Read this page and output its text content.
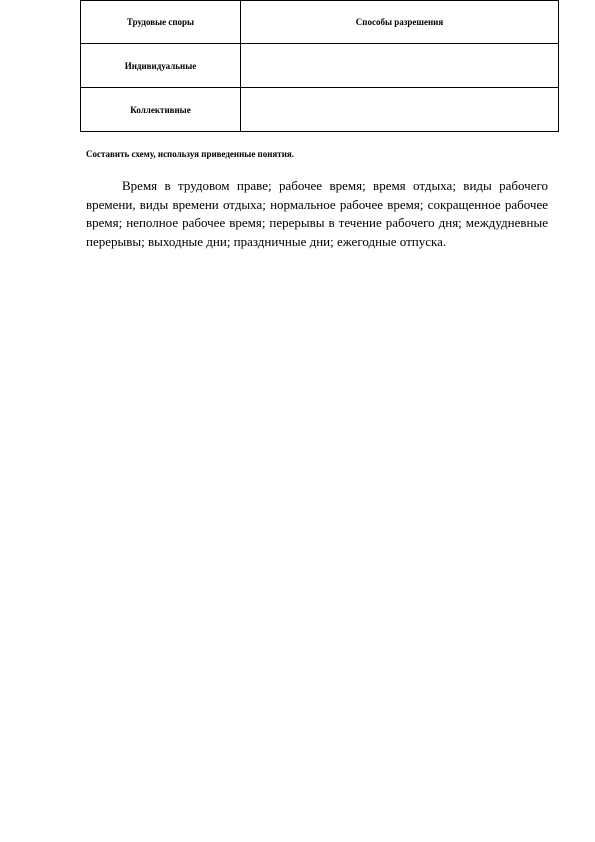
Трудовые споры	Способы разрешения
Индивидуальные	
Коллективные	
Составить схему, используя приведенные понятия.

Время в трудовом праве; рабочее время; время отдыха; виды рабочего времени, виды времени отдыха; нормальное рабочее время; сокращенное рабочее время; неполное рабочее время; перерывы в течение рабочего дня; междудневные перерывы; выходные дни; праздничные дни; ежегодные отпуска.
